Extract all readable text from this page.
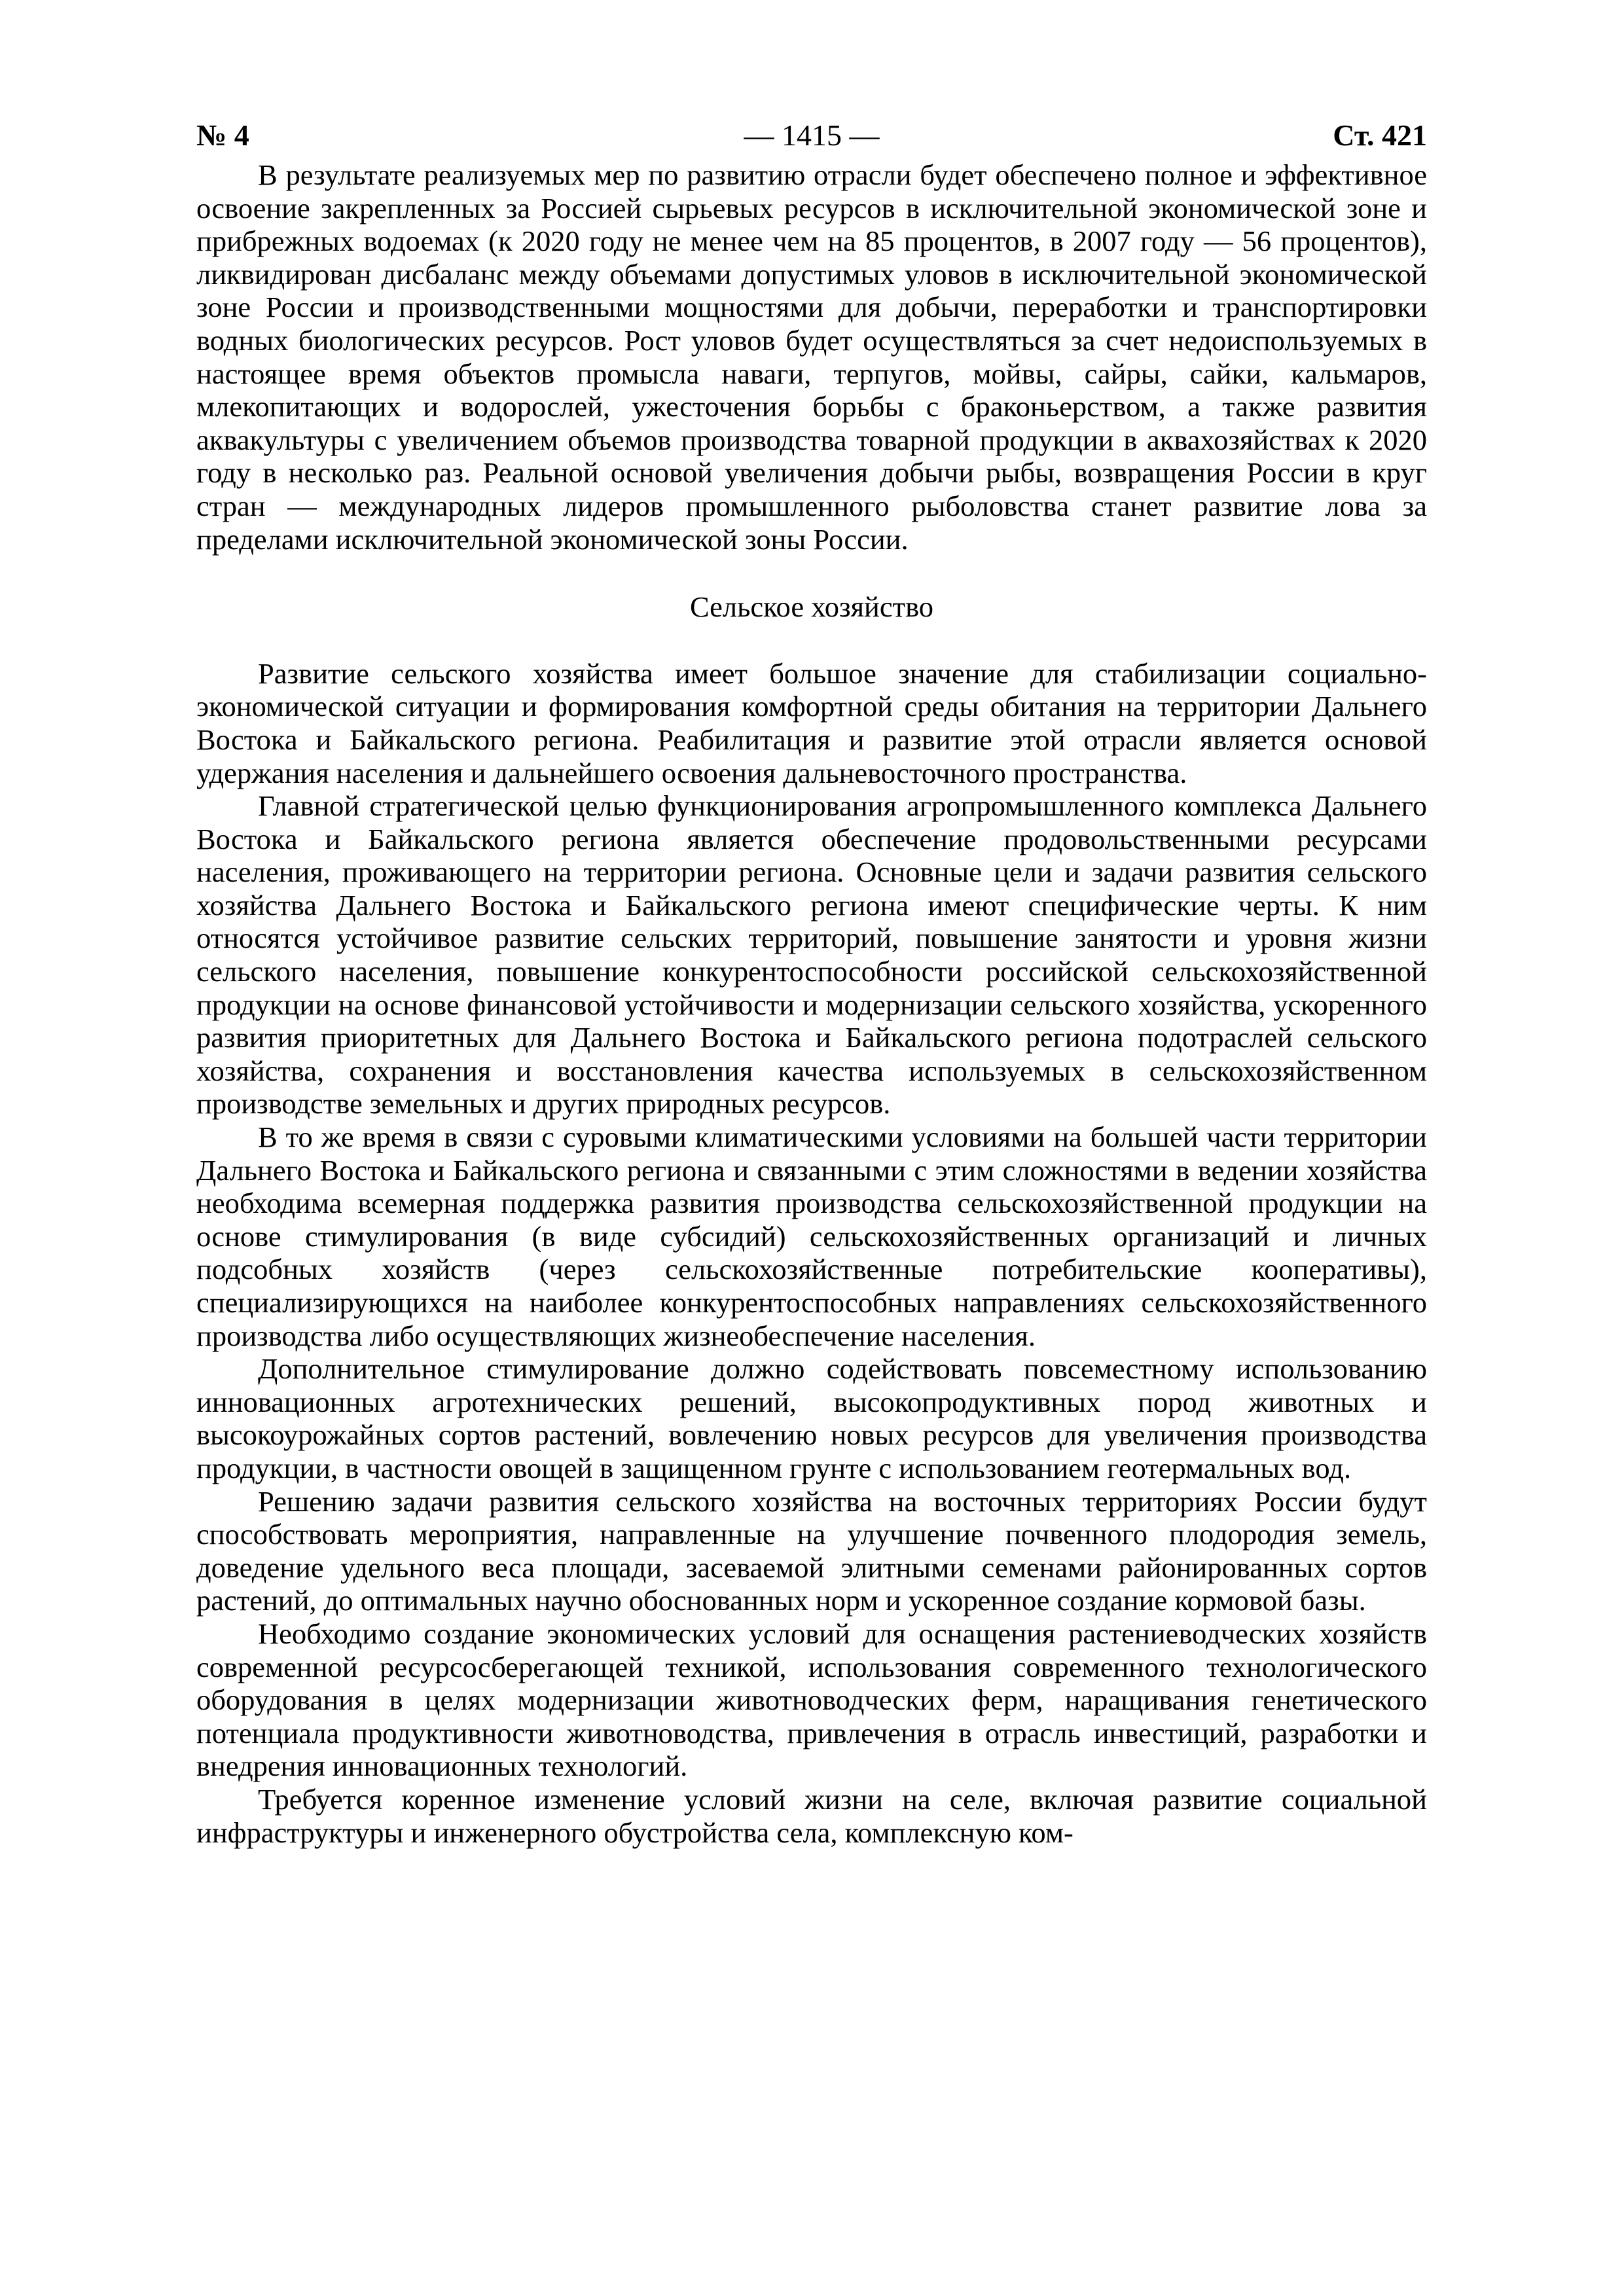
№ 4	— 1415 —	Ст. 421

В результате реализуемых мер по развитию отрасли будет обеспечено полное и эффективное освоение закрепленных за Россией сырьевых ресурсов в исключительной экономической зоне и прибрежных водоемах (к 2020 году не менее чем на 85 процентов, в 2007 году — 56 процентов), ликвидирован дисбаланс между объемами допустимых уловов в исключительной экономической зоне России и производственными мощностями для добычи, переработки и транспортировки водных биологических ресурсов. Рост уловов будет осуществляться за счет недоиспользуемых в настоящее время объектов промысла наваги, терпугов, мойвы, сайры, сайки, кальмаров, млекопитающих и водорослей, ужесточения борьбы с браконьерством, а также развития аквакультуры с увеличением объемов производства товарной продукции в аквахозяйствах к 2020 году в несколько раз. Реальной основой увеличения добычи рыбы, возвращения России в круг стран — международных лидеров промышленного рыболовства станет развитие лова за пределами исключительной экономической зоны России.

Сельское хозяйство

Развитие сельского хозяйства имеет большое значение для стабилизации социально-экономической ситуации и формирования комфортной среды обитания на территории Дальнего Востока и Байкальского региона. Реабилитация и развитие этой отрасли является основой удержания населения и дальнейшего освоения дальневосточного пространства.

Главной стратегической целью функционирования агропромышленного комплекса Дальнего Востока и Байкальского региона является обеспечение продовольственными ресурсами населения, проживающего на территории региона. Основные цели и задачи развития сельского хозяйства Дальнего Востока и Байкальского региона имеют специфические черты. К ним относятся устойчивое развитие сельских территорий, повышение занятости и уровня жизни сельского населения, повышение конкурентоспособности российской сельскохозяйственной продукции на основе финансовой устойчивости и модернизации сельского хозяйства, ускоренного развития приоритетных для Дальнего Востока и Байкальского региона подотраслей сельского хозяйства, сохранения и восстановления качества используемых в сельскохозяйственном производстве земельных и других природных ресурсов.

В то же время в связи с суровыми климатическими условиями на большей части территории Дальнего Востока и Байкальского региона и связанными с этим сложностями в ведении хозяйства необходима всемерная поддержка развития производства сельскохозяйственной продукции на основе стимулирования (в виде субсидий) сельскохозяйственных организаций и личных подсобных хозяйств (через сельскохозяйственные потребительские кооперативы), специализирующихся на наиболее конкурентоспособных направлениях сельскохозяйственного производства либо осуществляющих жизнеобеспечение населения.

Дополнительное стимулирование должно содействовать повсеместному использованию инновационных агротехнических решений, высокопродуктивных пород животных и высокоурожайных сортов растений, вовлечению новых ресурсов для увеличения производства продукции, в частности овощей в защищенном грунте с использованием геотермальных вод.

Решению задачи развития сельского хозяйства на восточных территориях России будут способствовать мероприятия, направленные на улучшение почвенного плодородия земель, доведение удельного веса площади, засеваемой элитными семенами районированных сортов растений, до оптимальных научно обоснованных норм и ускоренное создание кормовой базы.

Необходимо создание экономических условий для оснащения растениеводческих хозяйств современной ресурсосберегающей техникой, использования современного технологического оборудования в целях модернизации животноводческих ферм, наращивания генетического потенциала продуктивности животноводства, привлечения в отрасль инвестиций, разработки и внедрения инновационных технологий.

Требуется коренное изменение условий жизни на селе, включая развитие социальной инфраструктуры и инженерного обустройства села, комплексную ком-
